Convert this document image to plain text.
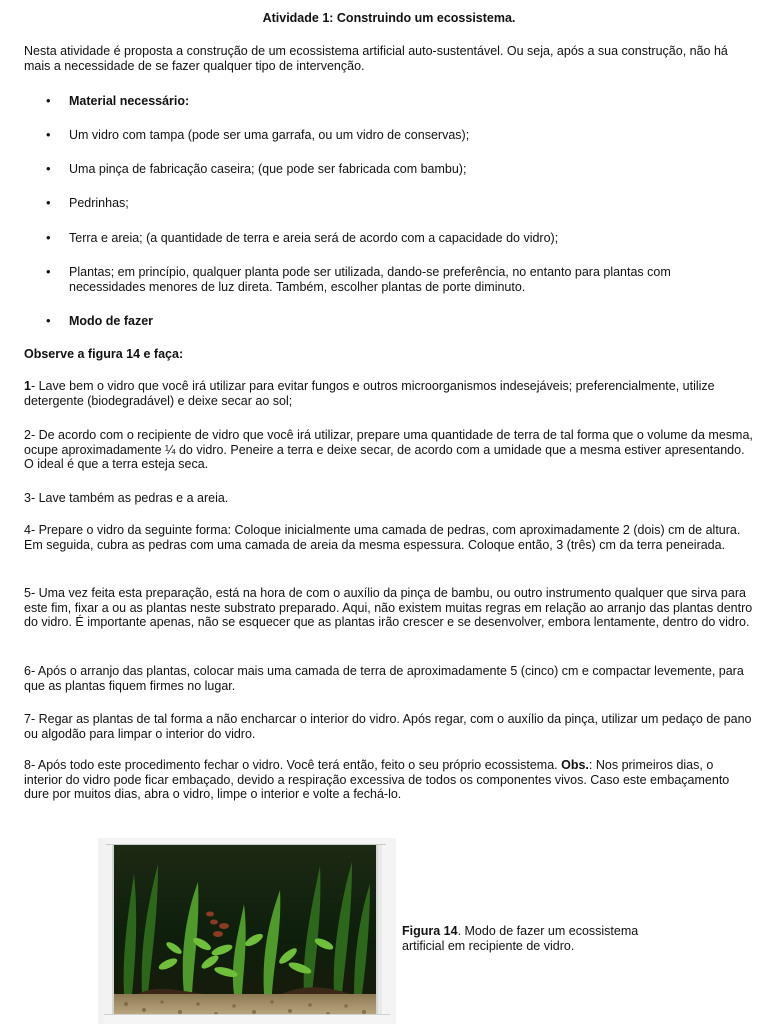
Atividade 1: Construindo um ecossistema.
Nesta atividade é proposta a construção de um ecossistema artificial auto-sustentável. Ou seja, após a sua construção, não há mais a necessidade de se fazer qualquer tipo de intervenção.
• Material necessário:
• Um vidro com tampa (pode ser uma garrafa, ou um vidro de conservas);
• Uma pinça de fabricação caseira; (que pode ser fabricada com bambu);
• Pedrinhas;
• Terra e areia; (a quantidade de terra e areia será de acordo com a capacidade do vidro);
• Plantas; em princípio, qualquer planta pode ser utilizada, dando-se preferência, no entanto para plantas com necessidades menores de luz direta. Também, escolher plantas de porte diminuto.
• Modo de fazer
Observe a figura 14 e faça:
1- Lave bem o vidro que você irá utilizar para evitar fungos e outros microorganismos indesejáveis; preferencialmente, utilize detergente (biodegradável) e deixe secar ao sol;
2- De acordo com o recipiente de vidro que você irá utilizar, prepare uma quantidade de terra de tal forma que o volume da mesma, ocupe aproximadamente ¼ do vidro. Peneire a terra e deixe secar, de acordo com a umidade que a mesma estiver apresentando. O ideal é que a terra esteja seca.
3- Lave também as pedras e a areia.
4- Prepare o vidro da seguinte forma: Coloque inicialmente uma camada de pedras, com aproximadamente 2 (dois) cm de altura. Em seguida, cubra as pedras com uma camada de areia da mesma espessura. Coloque então, 3 (três) cm da terra peneirada.
5- Uma vez feita esta preparação, está na hora de com o auxílio da pinça de bambu, ou outro instrumento qualquer que sirva para este fim, fixar a ou as plantas neste substrato preparado. Aqui, não existem muitas regras em relação ao arranjo das plantas dentro do vidro. É importante apenas, não se esquecer que as plantas irão crescer e se desenvolver, embora lentamente, dentro do vidro.
6- Após o arranjo das plantas, colocar mais uma camada de terra de aproximadamente 5 (cinco) cm e compactar levemente, para que as plantas fiquem firmes no lugar.
7- Regar as plantas de tal forma a não encharcar o interior do vidro. Após regar, com o auxílio da pinça, utilizar um pedaço de pano ou algodão para limpar o interior do vidro.
8- Após todo este procedimento fechar o vidro. Você terá então, feito o seu próprio ecossistema. Obs.: Nos primeiros dias, o interior do vidro pode ficar embaçado, devido a respiração excessiva de todos os componentes vivos. Caso este embaçamento dure por muitos dias, abra o vidro, limpe o interior e volte a fechá-lo.
Figura 14. Modo de fazer um ecossistema artificial em recipiente de vidro.
